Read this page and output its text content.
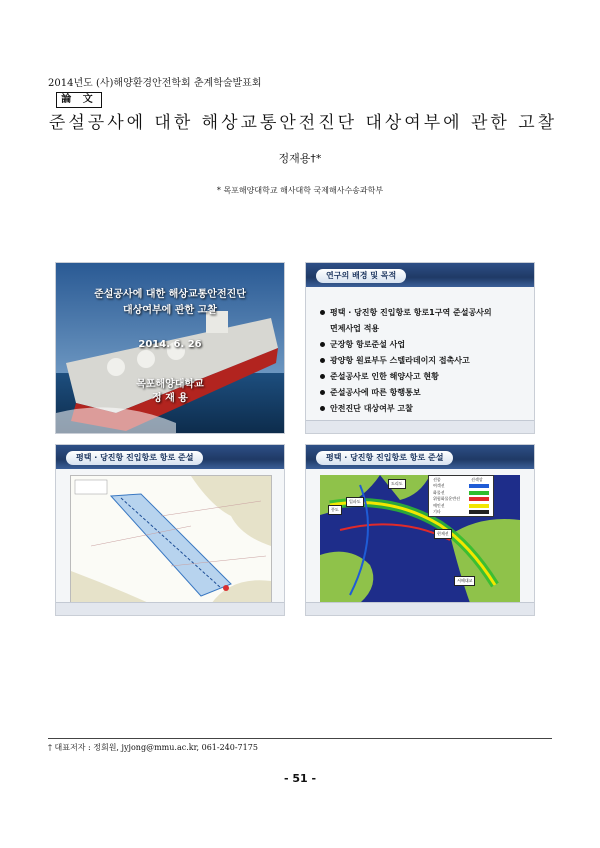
2014년도 (사)해양환경안전학회 춘계학술발표회
論 文
준설공사에 대한 해상교통안전진단 대상여부에 관한 고찰
정재용†*
* 목포해양대학교 해사대학 국제해사수송과학부
준설공사에 대한 해상교통안전진단
대상여부에 관한 고찰
2014. 6. 26
목포해양대학교
정 재 용
연구의 배경 및 목적
평택 · 당진항 진입항로 항로1구역 준설공사의
면제사업 적용
군장항 항로준설 사업
광양항 원료부두 스텔라데이지 접촉사고
준설공사로 인한 해양사고 현황
준설공사에 따른 항행통보
안전진단 대상여부 고찰
평택 · 당진항 진입항로 항로 준설	평택 · 당진항 진입항로 항로 준설
도리도
입파도
풍도
현제선
서해대교
선종	선색상
여객선
화물선
위험화물운반선
예인선
기타
† 대표저자 : 정회원, jyjong@mmu.ac.kr, 061-240-7175
- 51 -
